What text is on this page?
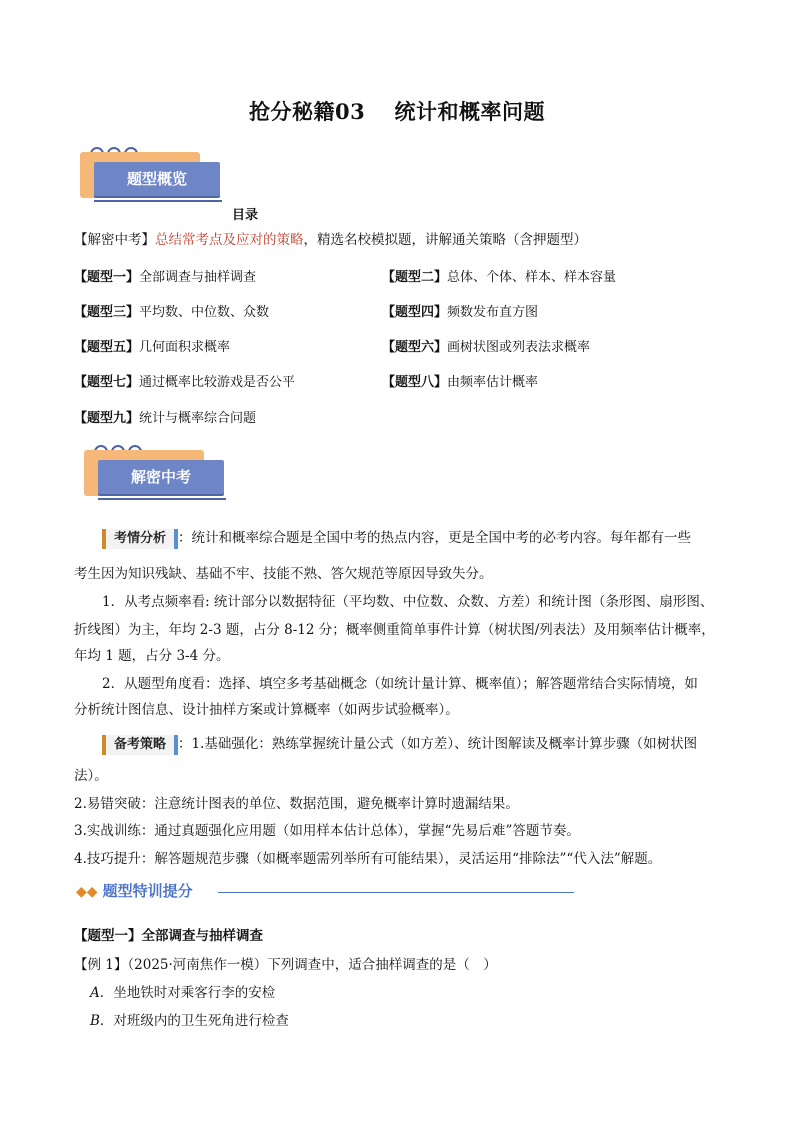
抢分秘籍03　 统计和概率问题
题型概览
目录
【解密中考】总结常考点及应对的策略，精选名校模拟题，讲解通关策略（含押题型）
【题型一】全部调查与抽样调查	【题型二】总体、个体、样本、样本容量
【题型三】平均数、中位数、众数	【题型四】频数发布直方图
【题型五】几何面积求概率	【题型六】画树状图或列表法求概率
【题型七】通过概率比较游戏是否公平	【题型八】由频率估计概率
【题型九】统计与概率综合问题
解密中考
考情分析 ：统计和概率综合题是全国中考的热点内容，更是全国中考的必考内容。每年都有一些
考生因为知识残缺、基础不牢、技能不熟、答欠规范等原因导致失分。
1．从考点频率看: 统计部分以数据特征（平均数、中位数、众数、方差）和统计图（条形图、扇形图、
折线图）为主，年均 2-3 题，占分 8-12 分；概率侧重简单事件计算（树状图/列表法）及用频率估计概率，
年均 1 题，占分 3-4 分。
2．从题型角度看：选择、填空多考基础概念（如统计量计算、概率值）；解答题常结合实际情境，如
分析统计图信息、设计抽样方案或计算概率（如两步试验概率）。
备考策略 ：1.基础强化：熟练掌握统计量公式（如方差）、统计图解读及概率计算步骤（如树状图
法）。
2.易错突破：注意统计图表的单位、数据范围，避免概率计算时遗漏结果。
3.实战训练：通过真题强化应用题（如用样本估计总体），掌握“先易后难”答题节奏。
4.技巧提升：解答题规范步骤（如概率题需列举所有可能结果），灵活运用“排除法”“代入法”解题。
◆◆ 题型特训提分
【题型一】全部调查与抽样调查
【例 1】（2025·河南焦作一模）下列调查中，适合抽样调查的是（　）
A．坐地铁时对乘客行李的安检
B．对班级内的卫生死角进行检查
